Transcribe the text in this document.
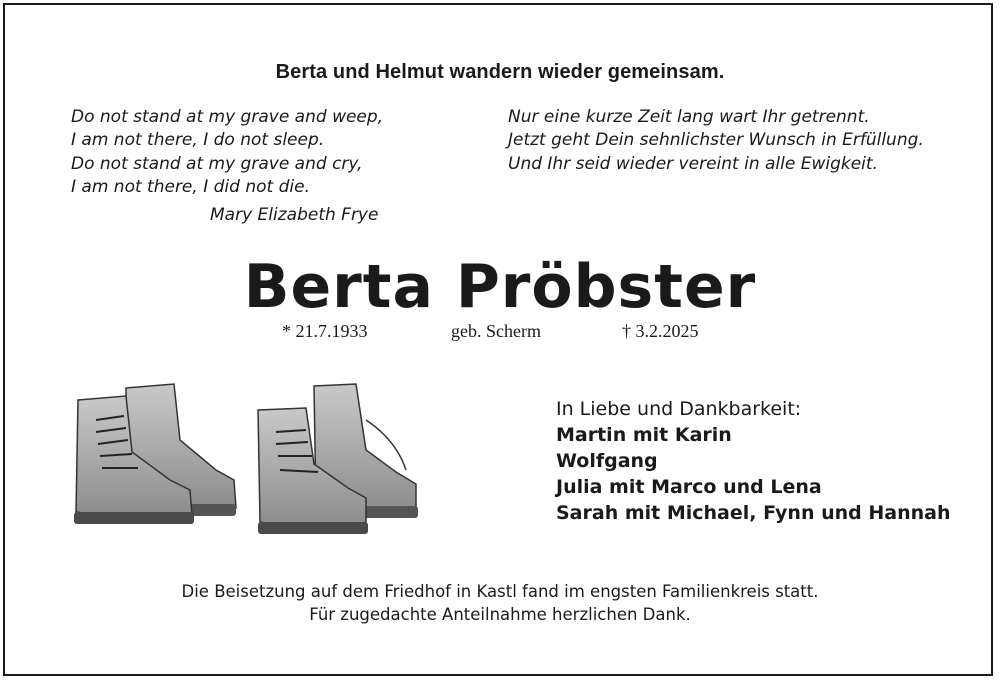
Berta und Helmut wandern wieder gemeinsam.
Do not stand at my grave and weep,
I am not there, I do not sleep.
Do not stand at my grave and cry,
I am not there, I did not die.
Mary Elizabeth Frye
Nur eine kurze Zeit lang wart Ihr getrennt.
Jetzt geht Dein sehnlichster Wunsch in Erfüllung.
Und Ihr seid wieder vereint in alle Ewigkeit.
Berta Pröbster
* 21.7.1933	geb. Scherm	† 3.2.2025
In Liebe und Dankbarkeit:
Martin mit Karin
Wolfgang
Julia mit Marco und Lena
Sarah mit Michael, Fynn und Hannah
Die Beisetzung auf dem Friedhof in Kastl fand im engsten Familienkreis statt.
Für zugedachte Anteilnahme herzlichen Dank.
